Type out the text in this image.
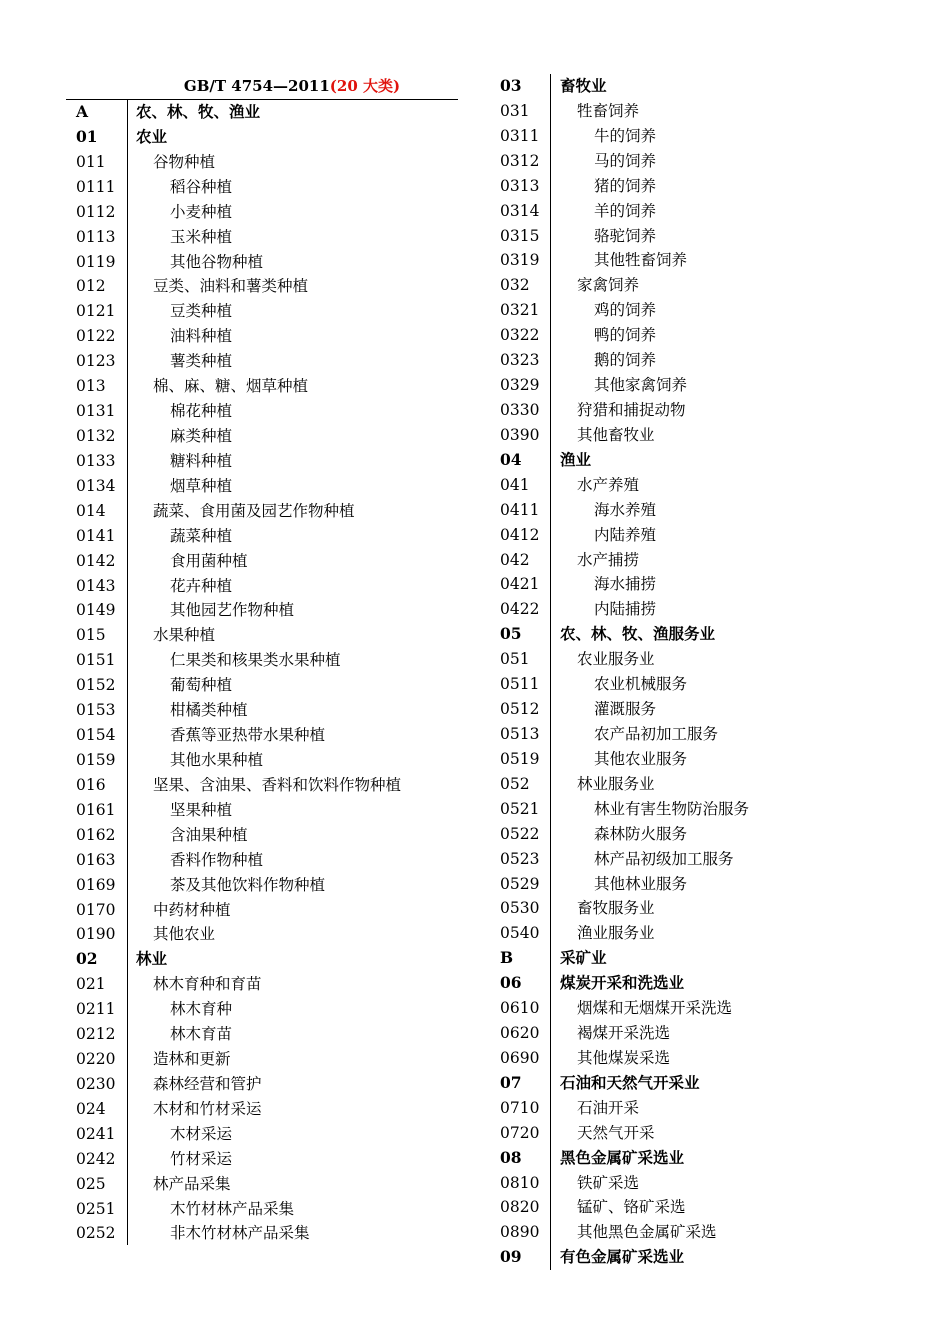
GB/T 4754—2011(20 大类)
A	农、林、牧、渔业
01 农业
011	谷物种植
0111	稻谷种植
0112	小麦种植
0113	玉米种植
0119	其他谷物种植
012	豆类、油料和薯类种植
0121	豆类种植
0122	油料种植
0123	薯类种植
013	棉、麻、糖、烟草种植
0131	棉花种植
0132	麻类种植
0133	糖料种植
0134	烟草种植
014	蔬菜、食用菌及园艺作物种植
0141	蔬菜种植
0142	食用菌种植
0143	花卉种植
0149	其他园艺作物种植
015	水果种植
0151	仁果类和核果类水果种植
0152	葡萄种植
0153	柑橘类种植
0154	香蕉等亚热带水果种植
0159	其他水果种植
016	坚果、含油果、香料和饮料作物种植
0161	坚果种植
0162	含油果种植
0163	香料作物种植
0169	茶及其他饮料作物种植
0170 中药材种植
0190 其他农业
02 林业
021	林木育种和育苗
0211	林木育种
0212	林木育苗
0220 造林和更新
0230 森林经营和管护
024	木材和竹材采运
0241	木材采运
0242	竹材采运
025	林产品采集
0251	木竹材林产品采集
0252	非木竹材林产品采集
03 畜牧业
031	牲畜饲养
0311	牛的饲养
0312	马的饲养
0313	猪的饲养
0314	羊的饲养
0315	骆驼饲养
0319	其他牲畜饲养
032	家禽饲养
0321	鸡的饲养
0322	鸭的饲养
0323	鹅的饲养
0329	其他家禽饲养
0330 狩猎和捕捉动物
0390 其他畜牧业
04 渔业
041	水产养殖
0411	海水养殖
0412	内陆养殖
042	水产捕捞
0421	海水捕捞
0422	内陆捕捞
05 农、林、牧、渔服务业
051	农业服务业
0511	农业机械服务
0512	灌溉服务
0513	农产品初加工服务
0519	其他农业服务
052	林业服务业
0521	林业有害生物防治服务
0522	森林防火服务
0523	林产品初级加工服务
0529	其他林业服务
0530 畜牧服务业
0540 渔业服务业
B	采矿业
06 煤炭开采和洗选业
0610 烟煤和无烟煤开采洗选
0620 褐煤开采洗选
0690 其他煤炭采选
07 石油和天然气开采业
0710 石油开采
0720 天然气开采
08 黑色金属矿采选业
0810 铁矿采选
0820 锰矿、铬矿采选
0890 其他黑色金属矿采选
09 有色金属矿采选业
